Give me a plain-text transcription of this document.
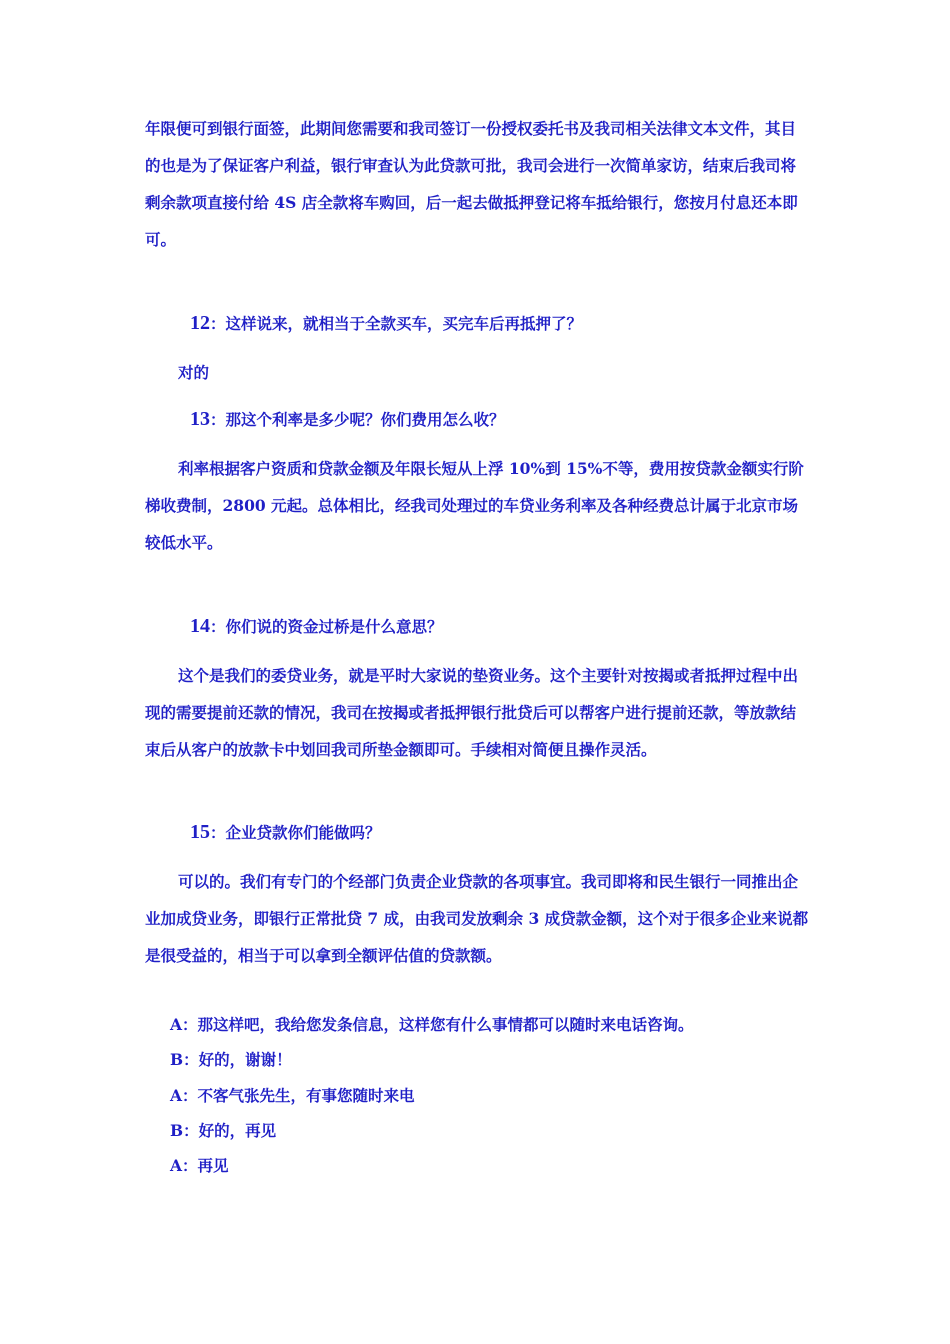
年限便可到银行面签，此期间您需要和我司签订一份授权委托书及我司相关法律文本文件，其目的也是为了保证客户利益，银行审查认为此贷款可批，我司会进行一次简单家访，结束后我司将剩余款项直接付给 4S 店全款将车购回，后一起去做抵押登记将车抵给银行，您按月付息还本即可。

12：这样说来，就相当于全款买车，买完车后再抵押了？
对的
13：那这个利率是多少呢？你们费用怎么收？

利率根据客户资质和贷款金额及年限长短从上浮 10%到 15%不等，费用按贷款金额实行阶梯收费制，2800 元起。总体相比，经我司处理过的车贷业务利率及各种经费总计属于北京市场较低水平。

14：你们说的资金过桥是什么意思？

这个是我们的委贷业务，就是平时大家说的垫资业务。这个主要针对按揭或者抵押过程中出现的需要提前还款的情况，我司在按揭或者抵押银行批贷后可以帮客户进行提前还款，等放款结束后从客户的放款卡中划回我司所垫金额即可。手续相对简便且操作灵活。

15：企业贷款你们能做吗？

可以的。我们有专门的个经部门负责企业贷款的各项事宜。我司即将和民生银行一同推出企业加成贷业务，即银行正常批贷 7 成，由我司发放剩余 3 成贷款金额，这个对于很多企业来说都是很受益的，相当于可以拿到全额评估值的贷款额。

A：那这样吧，我给您发条信息，这样您有什么事情都可以随时来电话咨询。
B：好的，谢谢！
A：不客气张先生，有事您随时来电
B：好的，再见
A：再见
